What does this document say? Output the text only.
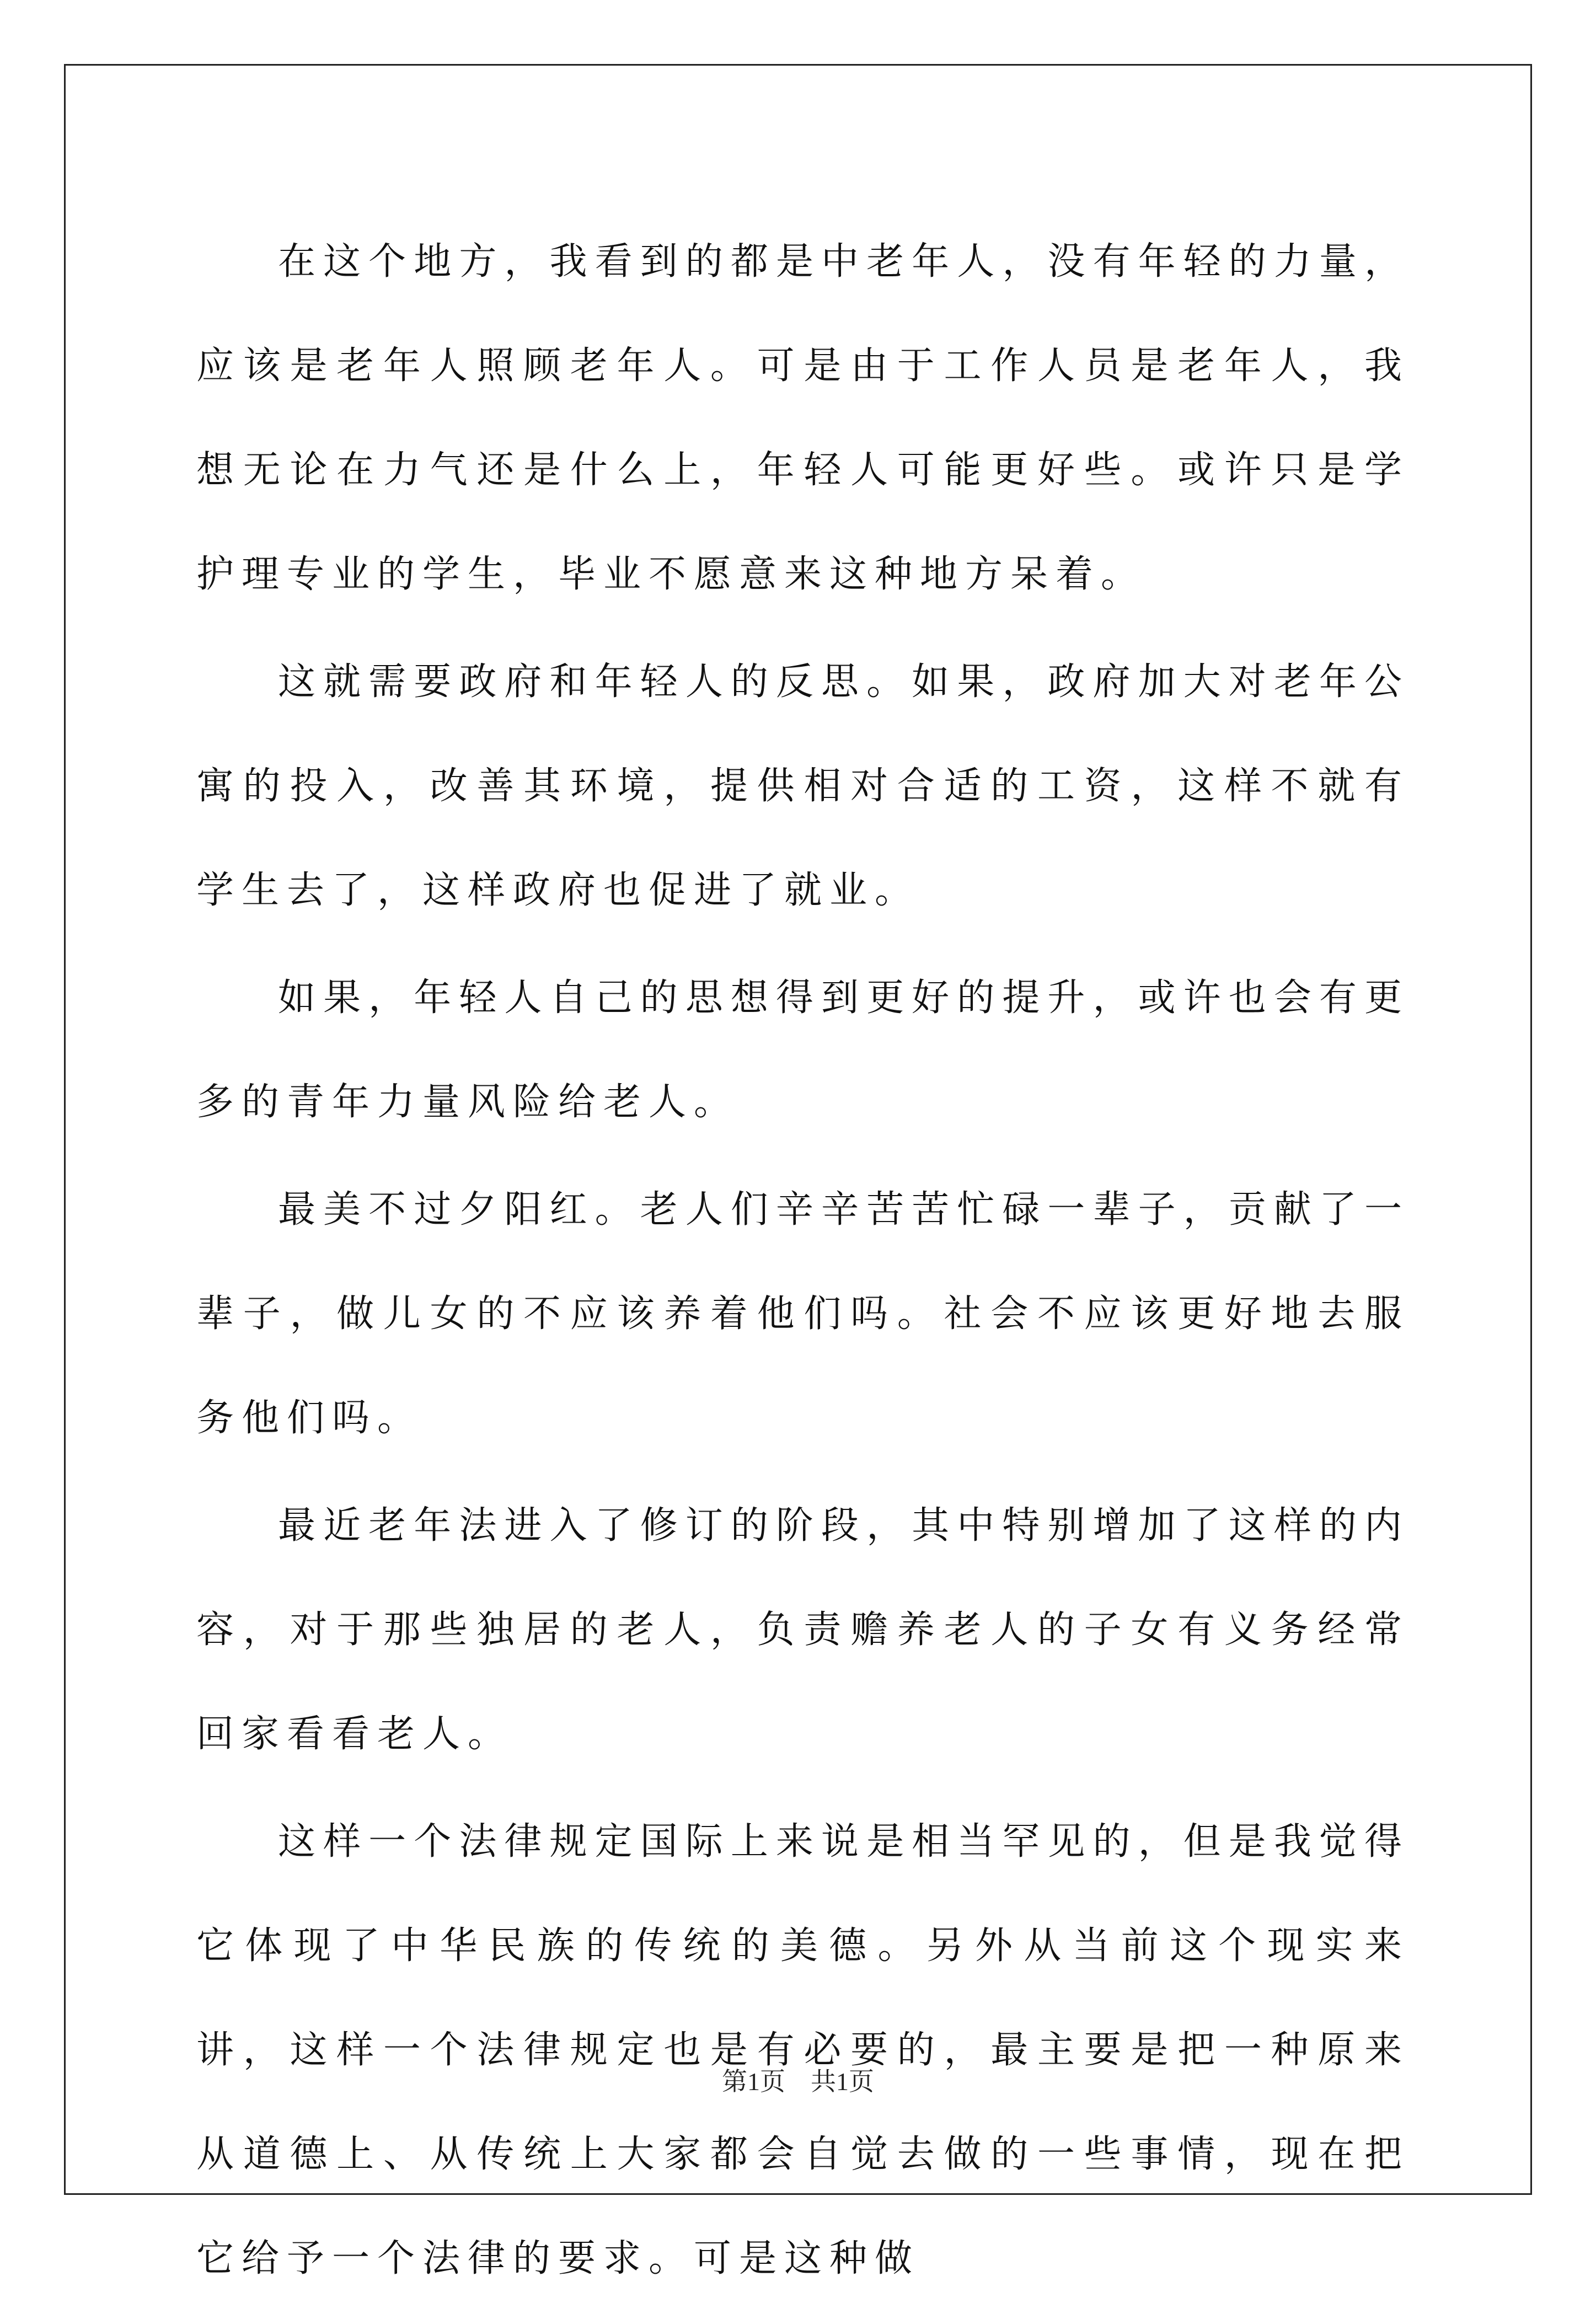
在这个地方，我看到的都是中老年人，没有年轻的力量，应该是老年人照顾老年人。可是由于工作人员是老年人，我想无论在力气还是什么上，年轻人可能更好些。或许只是学护理专业的学生，毕业不愿意来这种地方呆着。

这就需要政府和年轻人的反思。如果，政府加大对老年公寓的投入，改善其环境，提供相对合适的工资，这样不就有学生去了，这样政府也促进了就业。

如果，年轻人自己的思想得到更好的提升，或许也会有更多的青年力量风险给老人。

最美不过夕阳红。老人们辛辛苦苦忙碌一辈子，贡献了一辈子，做儿女的不应该养着他们吗。社会不应该更好地去服务他们吗。

最近老年法进入了修订的阶段，其中特别增加了这样的内容，对于那些独居的老人，负责赡养老人的子女有义务经常回家看看老人。

这样一个法律规定国际上来说是相当罕见的，但是我觉得它体现了中华民族的传统的美德。另外从当前这个现实来讲，这样一个法律规定也是有必要的，最主要是把一种原来从道德上、从传统上大家都会自觉去做的一些事情，现在把它给予一个法律的要求。可是这种做

第1页　共1页
